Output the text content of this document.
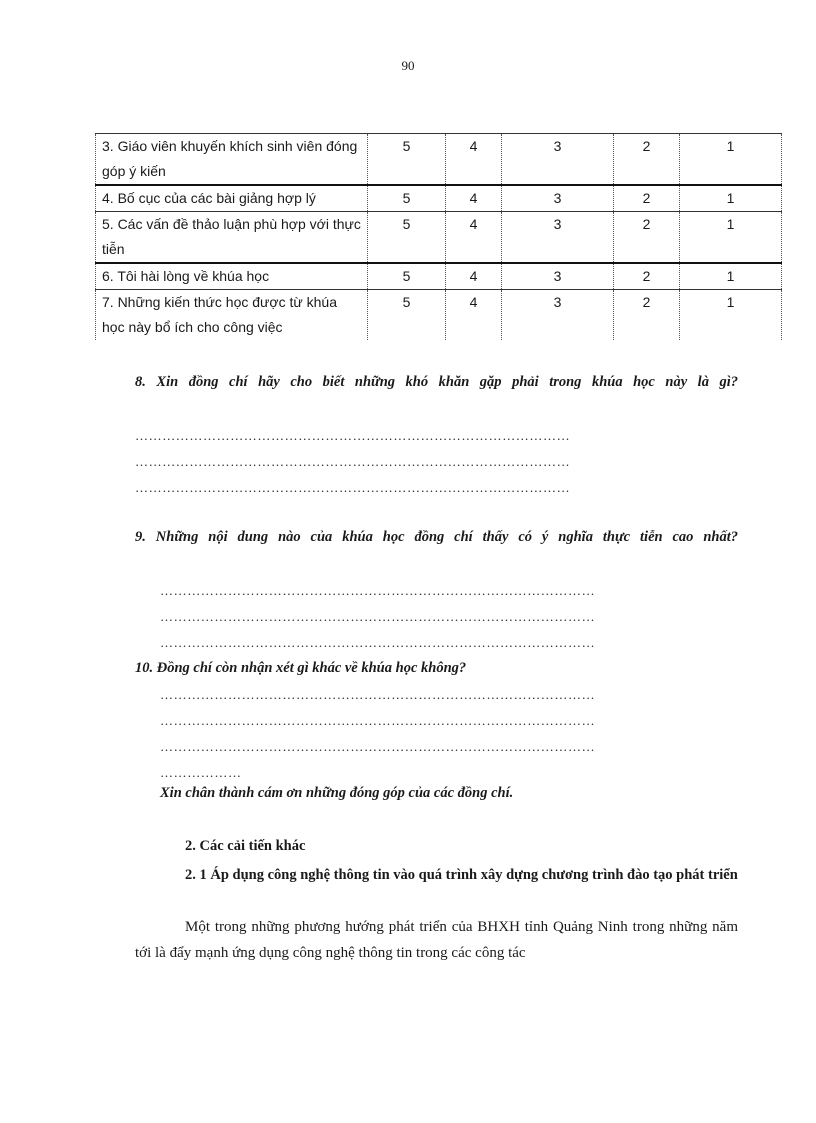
90
3. Giáo viên khuyến khích sinh viên đóng góp ý kiến	5	4	3	2	1
4. Bố cục của các bài giảng hợp lý	5	4	3	2	1
5. Các vấn đề thảo luận phù hợp với thực tiễn	5	4	3	2	1
6. Tôi hài lòng về khúa học	5	4	3	2	1
7. Những kiến thức học được từ khúa học này bổ ích cho công việc	5	4	3	2	1
8. Xin đồng chí hãy cho biết những khó khăn gặp phải trong khúa học này là gì?
……………………………………………………………………………………
……………………………………………………………………………………
……………………………………………………………………………………
9. Những nội dung nào của khúa học đồng chí thấy có ý nghĩa thực tiễn cao nhất?
……………………………………………………………………………………
……………………………………………………………………………………
……………………………………………………………………………………
10. Đồng chí còn nhận xét gì khác về khúa học không?
……………………………………………………………………………………
……………………………………………………………………………………
……………………………………………………………………………………
………………
Xin chân thành cám ơn những đóng góp của các đồng chí.
2. Các cải tiến khác
2. 1 Áp dụng công nghệ thông tin vào quá trình xây dựng chương trình đào tạo phát triển
Một trong những phương hướng phát triển của BHXH tỉnh Quảng Ninh trong những năm tới là đẩy mạnh ứng dụng công nghệ thông tin trong các công tác
